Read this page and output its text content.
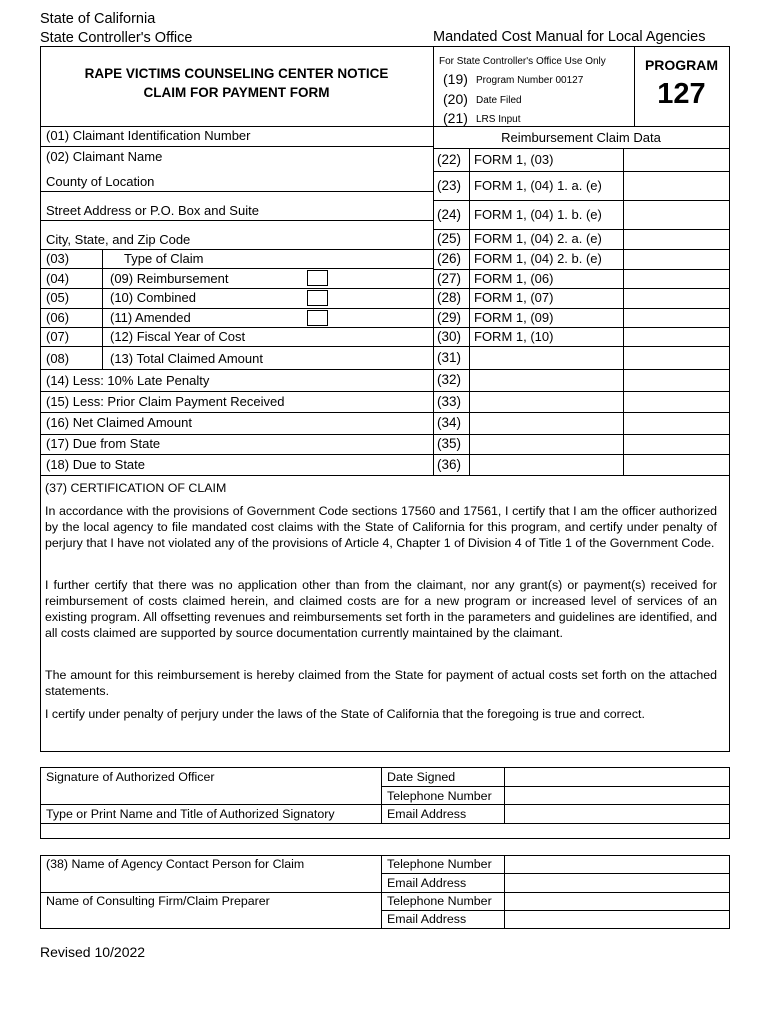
State of California
State Controller's Office	Mandated Cost Manual for Local Agencies
RAPE VICTIMS COUNSELING CENTER NOTICE
CLAIM FOR PAYMENT FORM
For State Controller's Office Use Only
(19) Program Number 00127
(20) Date Filed
(21) LRS Input
PROGRAM
127
(01) Claimant Identification Number
(02) Claimant Name
County of Location
Street Address or P.O. Box and Suite
City, State, and Zip Code
(03)	Type of Claim
(04)	(09) Reimbursement
(05)	(10) Combined
(06)	(11) Amended
(07)	(12) Fiscal Year of Cost
(08)	(13) Total Claimed Amount
(14) Less: 10% Late Penalty
(15) Less: Prior Claim Payment Received
(16) Net Claimed Amount
(17) Due from State
(18) Due to State
Reimbursement Claim Data
(22) FORM 1, (03)
(23) FORM 1, (04) 1. a. (e)
(24) FORM 1, (04) 1. b. (e)
(25) FORM 1, (04) 2. a. (e)
(26) FORM 1, (04) 2. b. (e)
(27) FORM 1, (06)
(28) FORM 1, (07)
(29) FORM 1, (09)
(30) FORM 1, (10)
(31)
(32)
(33)
(34)
(35)
(36)
(37) CERTIFICATION OF CLAIM
In accordance with the provisions of Government Code sections 17560 and 17561, I certify that I am the officer authorized by the local agency to file mandated cost claims with the State of California for this program, and certify under penalty of perjury that I have not violated any of the provisions of Article 4, Chapter 1 of Division 4 of Title 1 of the Government Code.
I further certify that there was no application other than from the claimant, nor any grant(s) or payment(s) received for reimbursement of costs claimed herein, and claimed costs are for a new program or increased level of services of an existing program. All offsetting revenues and reimbursements set forth in the parameters and guidelines are identified, and all costs claimed are supported by source documentation currently maintained by the claimant.
The amount for this reimbursement is hereby claimed from the State for payment of actual costs set forth on the attached statements.
I certify under penalty of perjury under the laws of the State of California that the foregoing is true and correct.
Signature of Authorized Officer	Date Signed
Telephone Number
Type or Print Name and Title of Authorized Signatory	Email Address
(38) Name of Agency Contact Person for Claim	Telephone Number
Email Address
Name of Consulting Firm/Claim Preparer	Telephone Number
Email Address
Revised 10/2022
